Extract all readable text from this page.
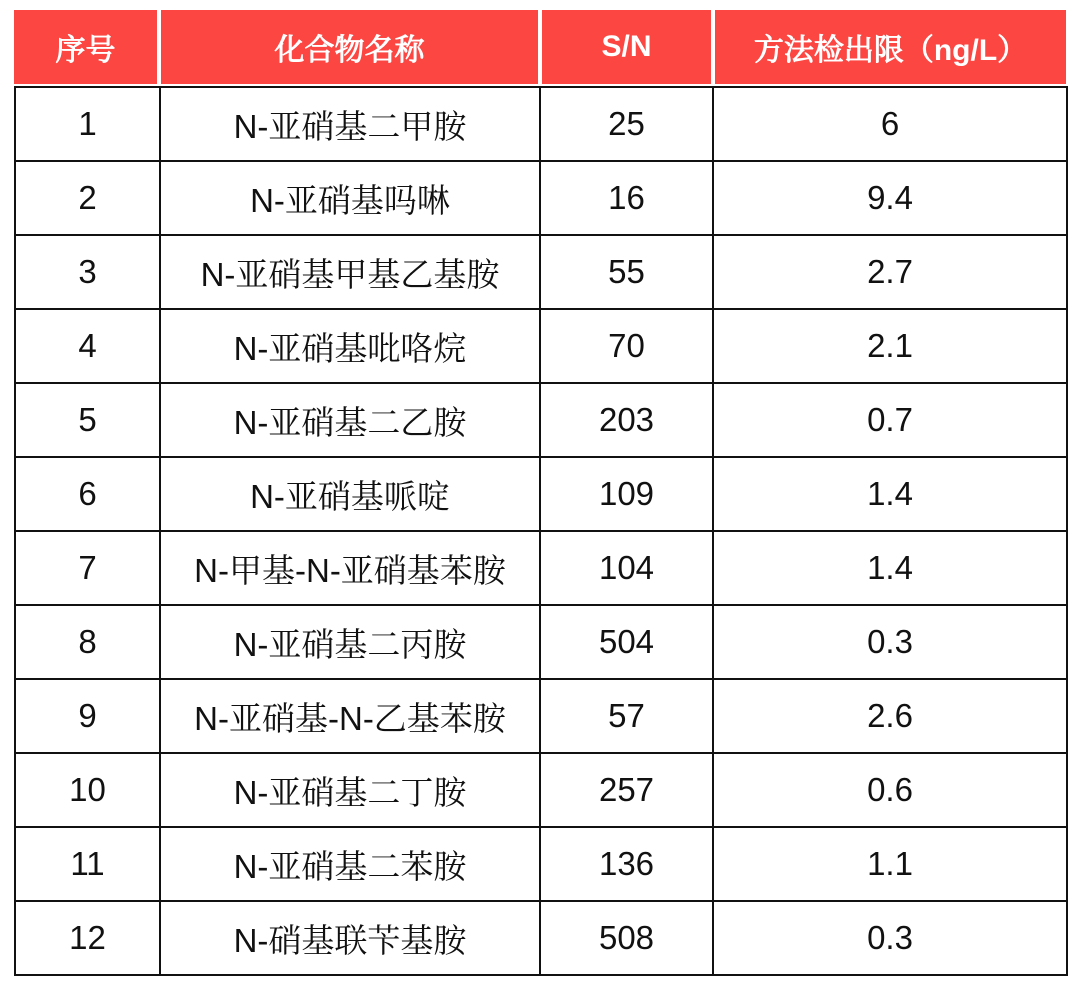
序号	化合物名称	S/N	方法检出限（ng/L）
1	N-亚硝基二甲胺	25	6
2	N-亚硝基吗啉	16	9.4
3	N-亚硝基甲基乙基胺	55	2.7
4	N-亚硝基吡咯烷	70	2.1
5	N-亚硝基二乙胺	203	0.7
6	N-亚硝基哌啶	109	1.4
7	N-甲基-N-亚硝基苯胺	104	1.4
8	N-亚硝基二丙胺	504	0.3
9	N-亚硝基-N-乙基苯胺	57	2.6
10	N-亚硝基二丁胺	257	0.6
11	N-亚硝基二苯胺	136	1.1
12	N-硝基联苄基胺	508	0.3
